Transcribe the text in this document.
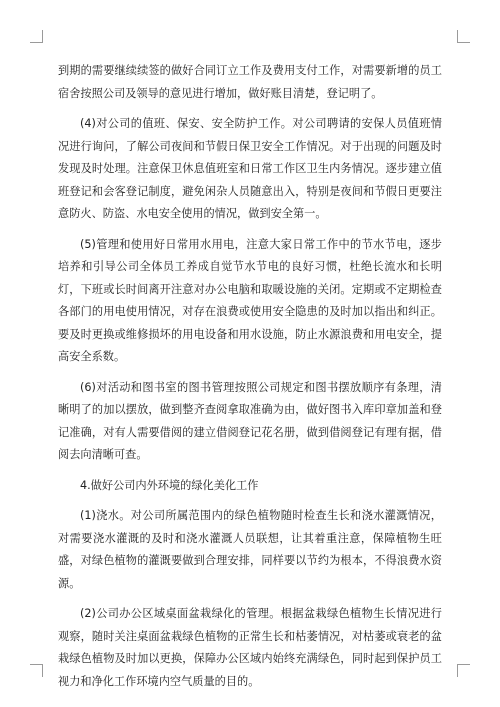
到期的需要继续续签的做好合同订立工作及费用支付工作，对需要新增的员工宿舍按照公司及领导的意见进行增加，做好账目清楚，登记明了。

(4)对公司的值班、保安、安全防护工作。对公司聘请的安保人员值班情况进行询问，了解公司夜间和节假日保卫安全工作情况。对于出现的问题及时发现及时处理。注意保卫休息值班室和日常工作区卫生内务情况。逐步建立值班登记和会客登记制度，避免闲杂人员随意出入，特别是夜间和节假日更要注意防火、防盗、水电安全使用的情况，做到安全第一。

(5)管理和使用好日常用水用电，注意大家日常工作中的节水节电，逐步培养和引导公司全体员工养成自觉节水节电的良好习惯，杜绝长流水和长明灯，下班或长时间离开注意对办公电脑和取暖设施的关闭。定期或不定期检查各部门的用电使用情况，对存在浪费或使用安全隐患的及时加以指出和纠正。要及时更换或维修损坏的用电设备和用水设施，防止水源浪费和用电安全，提高安全系数。

(6)对活动和图书室的图书管理按照公司规定和图书摆放顺序有条理，清晰明了的加以摆放，做到整齐查阅拿取准确为由，做好图书入库印章加盖和登记准确，对有人需要借阅的建立借阅登记花名册，做到借阅登记有理有据，借阅去向清晰可查。

4.做好公司内外环境的绿化美化工作

(1)浇水。对公司所属范围内的绿色植物随时检查生长和浇水灌溉情况，对需要浇水灌溉的及时和浇水灌溉人员联想，让其着重注意，保障植物生旺盛，对绿色植物的灌溉要做到合理安排，同样要以节约为根本，不得浪费水资源。

(2)公司办公区域桌面盆栽绿化的管理。根据盆栽绿色植物生长情况进行观察，随时关注桌面盆栽绿色植物的正常生长和枯萎情况，对枯萎或衰老的盆栽绿色植物及时加以更换，保障办公区域内始终充满绿色，同时起到保护员工视力和净化工作环境内空气质量的目的。
